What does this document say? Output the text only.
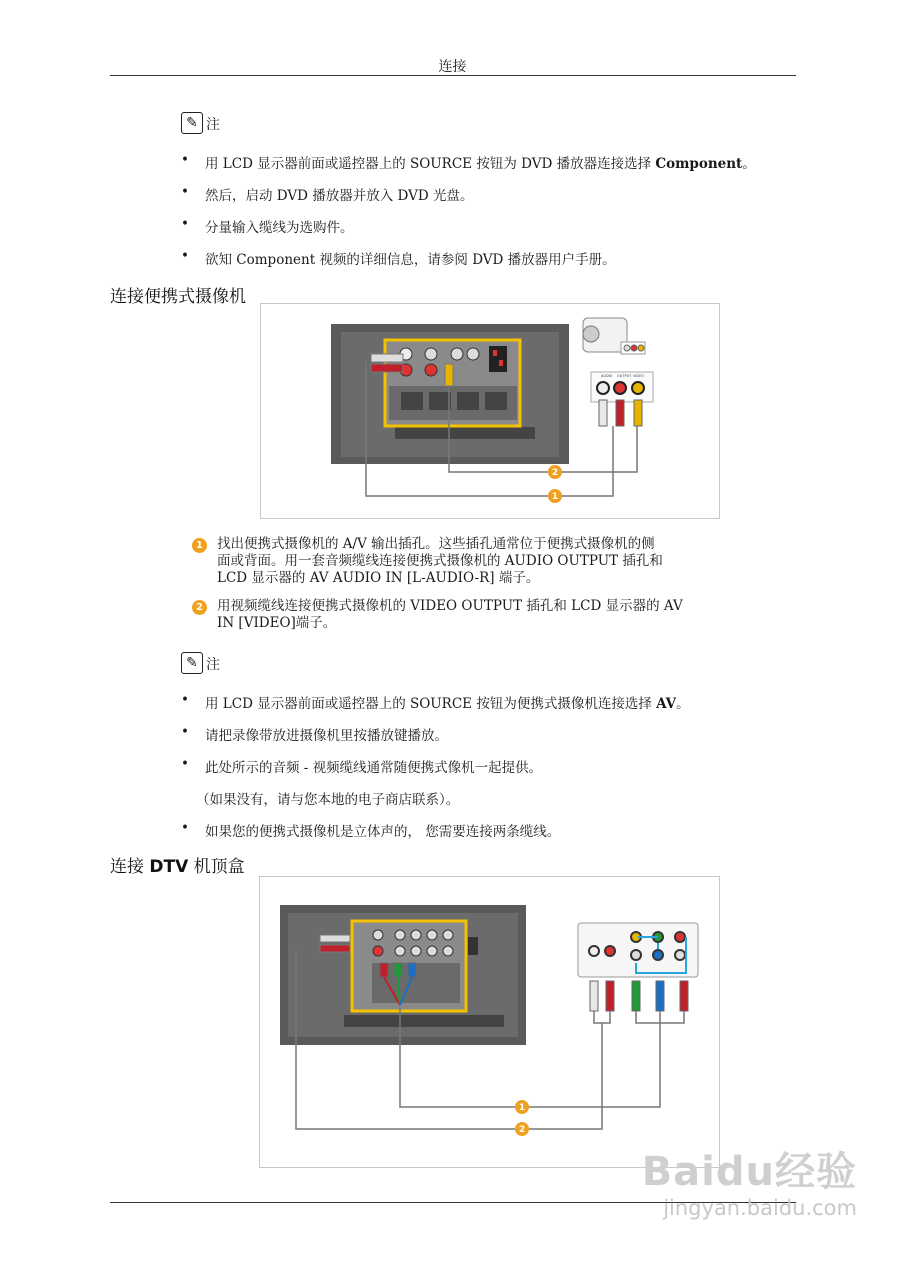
连接
✎ 注
• 用 LCD 显示器前面或遥控器上的 SOURCE 按钮为 DVD 播放器连接选择 Component。
• 然后，启动 DVD 播放器并放入 DVD 光盘。
• 分量输入缆线为选购件。
• 欲知 Component 视频的详细信息，请参阅 DVD 播放器用户手册。
连接便携式摄像机
AUDIO OUTPUT VIDEO
2
1
1 找出便携式摄像机的 A/V 输出插孔。这些插孔通常位于便携式摄像机的侧
面或背面。用一套音频缆线连接便携式摄像机的 AUDIO OUTPUT 插孔和
LCD 显示器的 AV AUDIO IN [L-AUDIO-R] 端子。
2 用视频缆线连接便携式摄像机的 VIDEO OUTPUT 插孔和 LCD 显示器的 AV
IN [VIDEO]端子。
✎ 注
• 用 LCD 显示器前面或遥控器上的 SOURCE 按钮为便携式摄像机连接选择 AV。
• 请把录像带放进摄像机里按播放键播放。
• 此处所示的音频 - 视频缆线通常随便携式像机一起提供。
（如果没有，请与您本地的电子商店联系）。
• 如果您的便携式摄像机是立体声的， 您需要连接两条缆线。
连接 DTV 机顶盒
1
2
Baidu经验
jingyan.baidu.com
